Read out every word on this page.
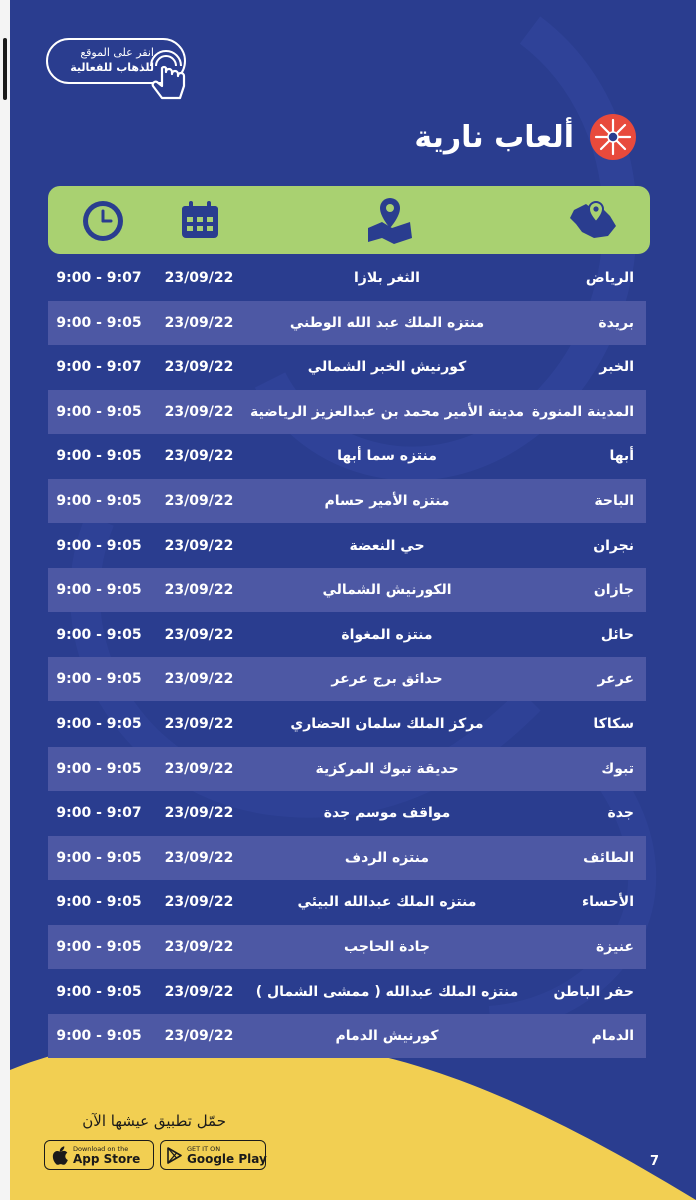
انقر على الموقع
للذهاب للفعالية
ألعاب نارية
الرياض
الثغر بلازا
23/09/22
9:00 - 9:07
بريدة
منتزه الملك عبد الله الوطني
23/09/22
9:00 - 9:05
الخبر
كورنيش الخبر الشمالي
23/09/22
9:00 - 9:07
المدينة المنورة
مدينة الأمير محمد بن عبدالعزيز الرياضية
23/09/22
9:00 - 9:05
أبها
منتزه سما أبها
23/09/22
9:00 - 9:05
الباحة
منتزه الأمير حسام
23/09/22
9:00 - 9:05
نجران
حي النعضة
23/09/22
9:00 - 9:05
جازان
الكورنيش الشمالي
23/09/22
9:00 - 9:05
حائل
منتزه المغواة
23/09/22
9:00 - 9:05
عرعر
حدائق برج عرعر
23/09/22
9:00 - 9:05
سكاكا
مركز الملك سلمان الحضاري
23/09/22
9:00 - 9:05
تبوك
حديقة تبوك المركزية
23/09/22
9:00 - 9:05
جدة
مواقف موسم جدة
23/09/22
9:00 - 9:07
الطائف
منتزه الردف
23/09/22
9:00 - 9:05
الأحساء
منتزه الملك عبدالله البيئي
23/09/22
9:00 - 9:05
عنيزة
جادة الحاجب
23/09/22
9:00 - 9:05
حفر الباطن
منتزه الملك عبدالله ( ممشى الشمال )
23/09/22
9:00 - 9:05
الدمام
كورنيش الدمام
23/09/22
9:00 - 9:05
حمّل تطبيق عيشها الآن
Download on the
App Store
GET IT ON
Google Play	7
